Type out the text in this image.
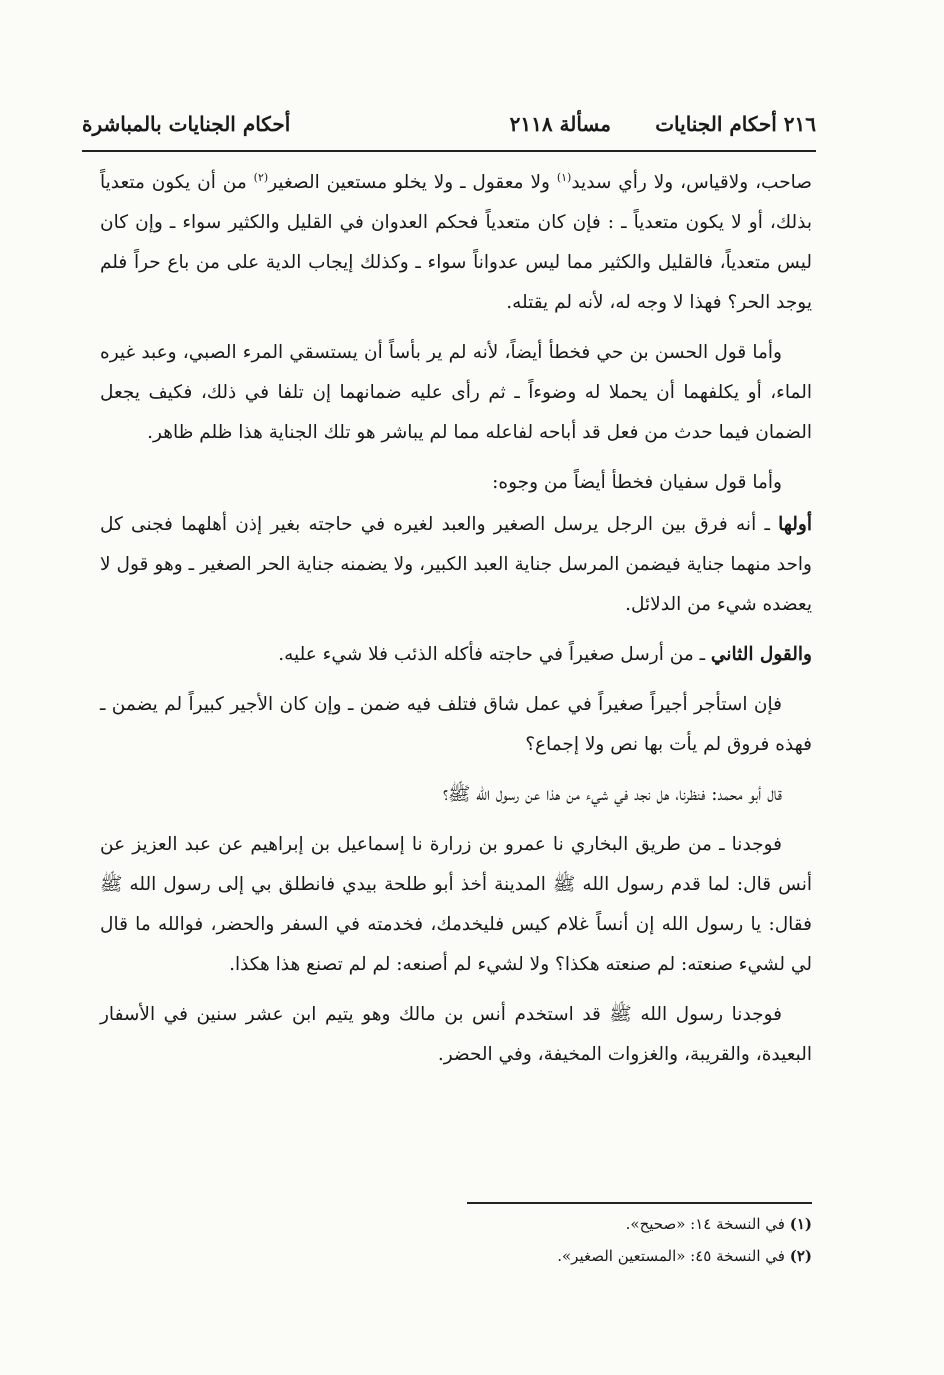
٢١٦ أحكام الجنايات
مسألة ٢١١٨
أحكام الجنايات بالمباشرة

صاحب، ولاقياس، ولا رأي سديد$^{(١)}$ ولا معقول ـ ولا يخلو مستعين الصغير$^{(٢)}$ من أن يكون متعدياً بذلك، أو لا يكون متعدياً ـ : فإن كان متعدياً فحكم العدوان في القليل والكثير سواء ـ وإن كان ليس متعدياً، فالقليل والكثير مما ليس عدواناً سواء ـ وكذلك إيجاب الدية على من باع حراً فلم يوجد الحر؟ فهذا لا وجه له، لأنه لم يقتله.

وأما قول الحسن بن حي فخطأ أيضاً، لأنه لم ير بأساً أن يستسقي المرء الصبي، وعبد غيره الماء، أو يكلفهما أن يحملا له وضوءاً ـ ثم رأى عليه ضمانهما إن تلفا في ذلك، فكيف يجعل الضمان فيما حدث من فعل قد أباحه لفاعله مما لم يباشر هو تلك الجناية هذا ظلم ظاهر.

وأما قول سفيان فخطأ أيضاً من وجوه:

أولها ـ أنه فرق بين الرجل يرسل الصغير والعبد لغيره في حاجته بغير إذن أهلهما فجنى كل واحد منهما جناية فيضمن المرسل جناية العبد الكبير، ولا يضمنه جناية الحر الصغير ـ وهو قول لا يعضده شيء من الدلائل.

والقول الثاني ـ من أرسل صغيراً في حاجته فأكله الذئب فلا شيء عليه.

فإن استأجر أجيراً صغيراً في عمل شاق فتلف فيه ضمن ـ وإن كان الأجير كبيراً لم يضمن ـ فهذه فروق لم يأت بها نص ولا إجماع؟

قال أبو محمد: فنظرنا، هل نجد في شيء من هذا عن رسول الله ﷺ؟

فوجدنا ـ من طريق البخاري نا عمرو بن زرارة نا إسماعيل بن إبراهيم عن عبد العزيز عن أنس قال: لما قدم رسول الله ﷺ المدينة أخذ أبو طلحة بيدي فانطلق بي إلى رسول الله ﷺ فقال: يا رسول الله إن أنساً غلام كيس فليخدمك، فخدمته في السفر والحضر، فوالله ما قال لي لشيء صنعته: لم صنعته هكذا؟ ولا لشيء لم أصنعه: لم لم تصنع هذا هكذا.

فوجدنا رسول الله ﷺ قد استخدم أنس بن مالك وهو يتيم ابن عشر سنين في الأسفار البعيدة، والقريبة، والغزوات المخيفة، وفي الحضر.

(١) في النسخة ١٤: «صحيح».

(٢) في النسخة ٤٥: «المستعين الصغير».
